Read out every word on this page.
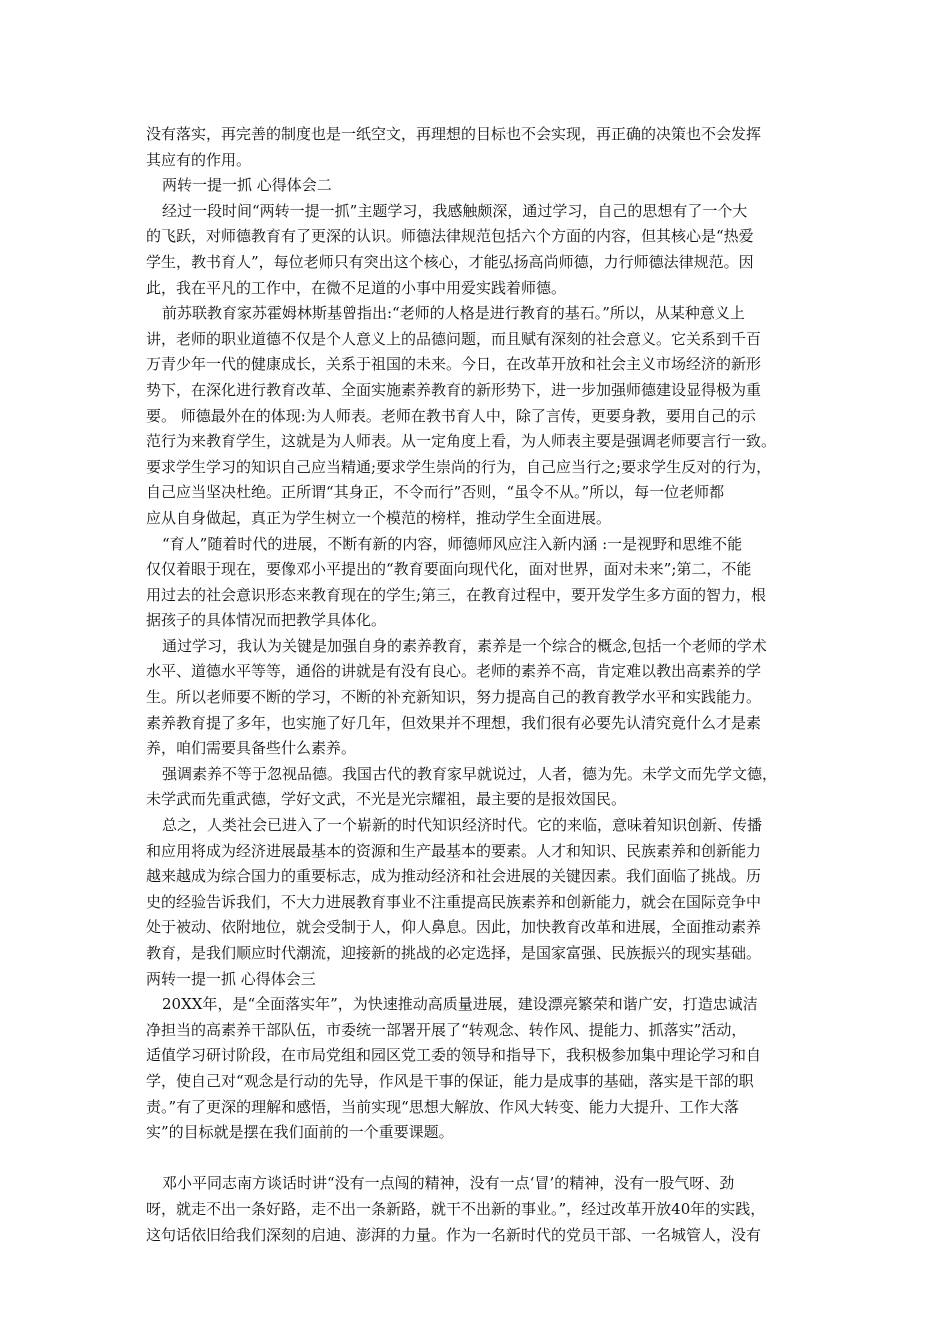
没有落实，再完善的制度也是一纸空文，再理想的目标也不会实现，再正确的决策也不会发挥
其应有的作用。
两转一提一抓 心得体会二
经过一段时间“两转一提一抓”主题学习，我感触颇深，通过学习，自己的思想有了一个大
的飞跃，对师德教育有了更深的认识。师德法律规范包括六个方面的内容，但其核心是“热爱
学生，教书育人”，每位老师只有突出这个核心，才能弘扬高尚师德，力行师德法律规范。因
此，我在平凡的工作中，在微不足道的小事中用爱实践着师德。
前苏联教育家苏霍姆林斯基曾指出:“老师的人格是进行教育的基石。”所以，从某种意义上
讲，老师的职业道德不仅是个人意义上的品德问题，而且赋有深刻的社会意义。它关系到千百
万青少年一代的健康成长，关系于祖国的未来。今日，在改革开放和社会主义市场经济的新形
势下，在深化进行教育改革、全面实施素养教育的新形势下，进一步加强师德建设显得极为重
要。 师德最外在的体现:为人师表。老师在教书育人中，除了言传，更要身教，要用自己的示
范行为来教育学生，这就是为人师表。从一定角度上看，为人师表主要是强调老师要言行一致。
要求学生学习的知识自己应当精通;要求学生崇尚的行为，自己应当行之;要求学生反对的行为，
自己应当坚决杜绝。正所谓“其身正，不令而行”否则，“虽令不从。”所以，每一位老师都
应从自身做起，真正为学生树立一个模范的榜样，推动学生全面进展。
“育人”随着时代的进展，不断有新的内容，师德师风应注入新内涵 :一是视野和思维不能
仅仅着眼于现在，要像邓小平提出的“教育要面向现代化，面对世界，面对未来”;第二，不能
用过去的社会意识形态来教育现在的学生;第三，在教育过程中，要开发学生多方面的智力，根
据孩子的具体情况而把教学具体化。
通过学习，我认为关键是加强自身的素养教育，素养是一个综合的概念,包括一个老师的学术
水平、道德水平等等，通俗的讲就是有没有良心。老师的素养不高，肯定难以教出高素养的学
生。所以老师要不断的学习，不断的补充新知识，努力提高自己的教育教学水平和实践能力。
素养教育提了多年，也实施了好几年，但效果并不理想，我们很有必要先认清究竟什么才是素
养，咱们需要具备些什么素养。
强调素养不等于忽视品德。我国古代的教育家早就说过，人者，德为先。未学文而先学文德，
未学武而先重武德，学好文武，不光是光宗耀祖，最主要的是报效国民。
总之，人类社会已进入了一个崭新的时代知识经济时代。它的来临，意味着知识创新、传播
和应用将成为经济进展最基本的资源和生产最基本的要素。人才和知识、民族素养和创新能力
越来越成为综合国力的重要标志，成为推动经济和社会进展的关键因素。我们面临了挑战。历
史的经验告诉我们，不大力进展教育事业不注重提高民族素养和创新能力，就会在国际竞争中
处于被动、依附地位，就会受制于人，仰人鼻息。因此，加快教育改革和进展，全面推动素养
教育，是我们顺应时代潮流，迎接新的挑战的必定选择，是国家富强、民族振兴的现实基础。
两转一提一抓 心得体会三
20XX年，是“全面落实年”，为快速推动高质量进展，建设漂亮繁荣和谐广安，打造忠诚洁
净担当的高素养干部队伍，市委统一部署开展了“转观念、转作风、提能力、抓落实”活动，
适值学习研讨阶段，在市局党组和园区党工委的领导和指导下，我积极参加集中理论学习和自
学，使自己对“观念是行动的先导，作风是干事的保证，能力是成事的基础，落实是干部的职
责。”有了更深的理解和感悟，当前实现“思想大解放、作风大转变、能力大提升、工作大落
实”的目标就是摆在我们面前的一个重要课题。
邓小平同志南方谈话时讲“没有一点闯的精神，没有一点‘冒’的精神，没有一股气呀、劲
呀，就走不出一条好路，走不出一条新路，就干不出新的事业。”，经过改革开放40年的实践，
这句话依旧给我们深刻的启迪、澎湃的力量。作为一名新时代的党员干部、一名城管人，没有
